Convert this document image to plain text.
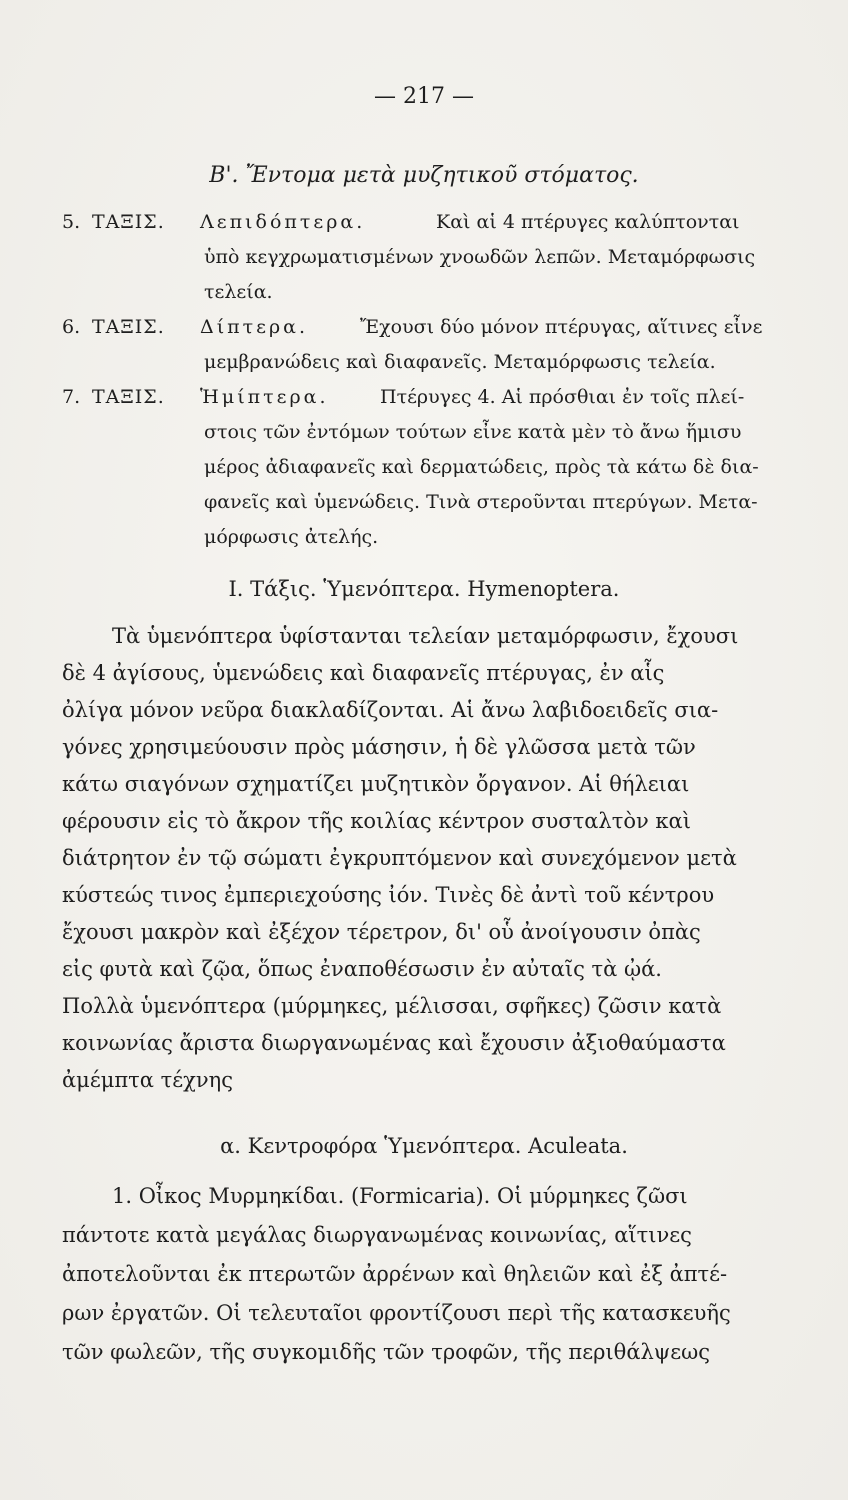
— 217 —
Β'. Ἔντομα μετὰ μυζητικοῦ στόματος.
5. ΤΑΞΙΣ. Λεπιδόπτερα.	Καὶ αἱ 4 πτέρυγες καλύπτονται
ὑπὸ κεγχρωματισμένων χνοωδῶν λεπῶν. Μεταμόρφωσις
τελεία.
6. ΤΑΞΙΣ. Δίπτερα.	Ἔχουσι δύο μόνον πτέρυγας, αἵτινες εἶνε
μεμβρανώδεις καὶ διαφανεῖς. Μεταμόρφωσις τελεία.
7. ΤΑΞΙΣ. Ἡμίπτερα.	Πτέρυγες 4. Αἱ πρόσθιαι ἐν τοῖς πλεί-
στοις τῶν ἐντόμων τούτων εἶνε κατὰ μὲν τὸ ἄνω ἥμισυ
μέρος ἀδιαφανεῖς καὶ δερματώδεις, πρὸς τὰ κάτω δὲ δια-
φανεῖς καὶ ὑμενώδεις. Τινὰ στεροῦνται πτερύγων. Μετα-
μόρφωσις ἀτελής.
Ι. Τάξις. Ὑμενόπτερα. Hymenoptera.
Τὰ ὑμενόπτερα ὑφίστανται τελείαν μεταμόρφωσιν, ἔχουσι
δὲ 4 ἀγίσους, ὑμενώδεις καὶ διαφανεῖς πτέρυγας, ἐν αἷς
ὀλίγα μόνον νεῦρα διακλαδίζονται. Αἱ ἄνω λαβιδοειδεῖς σια-
γόνες χρησιμεύουσιν πρὸς μάσησιν, ἡ δὲ γλῶσσα μετὰ τῶν
κάτω σιαγόνων σχηματίζει μυζητικὸν ὄργανον. Αἱ θήλειαι
φέρουσιν εἰς τὸ ἄκρον τῆς κοιλίας κέντρον συσταλτὸν καὶ
διάτρητον ἐν τῷ σώματι ἐγκρυπτόμενον καὶ συνεχόμενον μετὰ
κύστεώς τινος ἐμπεριεχούσης ἰόν. Τινὲς δὲ ἀντὶ τοῦ κέντρου
ἔχουσι μακρὸν καὶ ἐξέχον τέρετρον, δι' οὗ ἀνοίγουσιν ὀπὰς
εἰς φυτὰ καὶ ζῷα, ὅπως ἐναποθέσωσιν ἐν αὐταῖς τὰ ᾠά.
Πολλὰ ὑμενόπτερα (μύρμηκες, μέλισσαι, σφῆκες) ζῶσιν κατὰ
κοινωνίας ἄριστα διωργανωμένας καὶ ἔχουσιν ἀξιοθαύμαστα
ἀμέμπτα τέχνης
α. Κεντροφόρα Ὑμενόπτερα. Aculeata.
1. Οἶκος Μυρμηκίδαι. (Formicaria). Οἱ μύρμηκες ζῶσι
πάντοτε κατὰ μεγάλας διωργανωμένας κοινωνίας, αἵτινες
ἀποτελοῦνται ἐκ πτερωτῶν ἀρρένων καὶ θηλειῶν καὶ ἐξ ἀπτέ-
ρων ἐργατῶν. Οἱ τελευταῖοι φροντίζουσι περὶ τῆς κατασκευῆς
τῶν φωλεῶν, τῆς συγκομιδῆς τῶν τροφῶν, τῆς περιθάλψεως
